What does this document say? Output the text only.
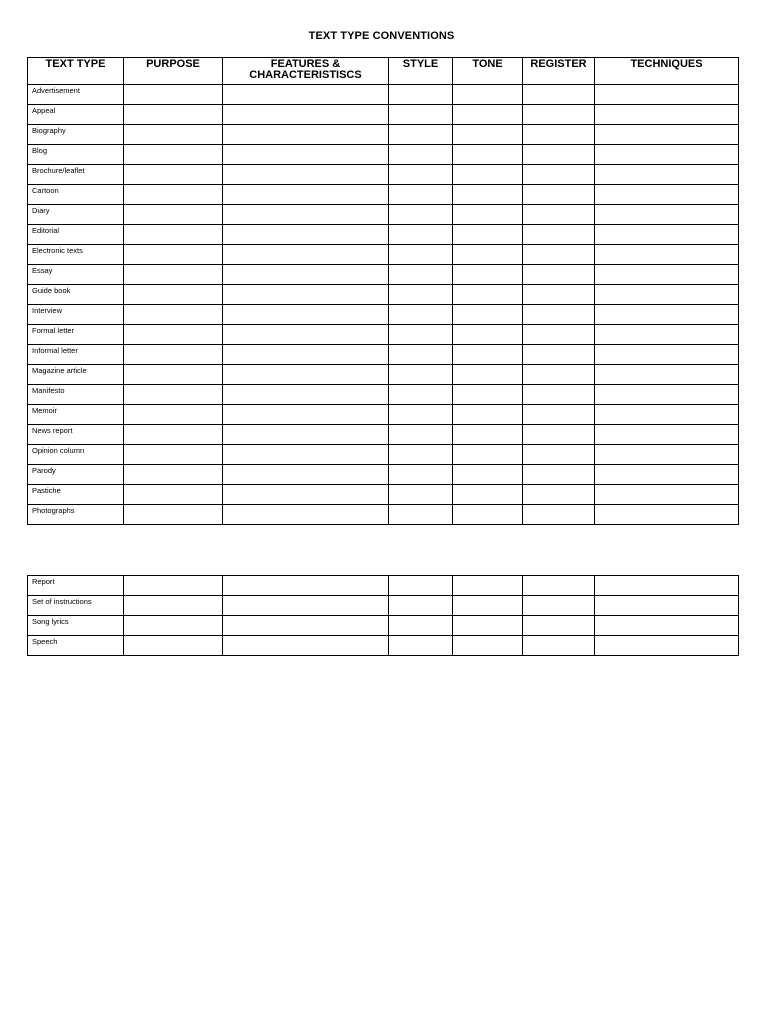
TEXT TYPE CONVENTIONS
TEXT TYPE	PURPOSE	FEATURES & CHARACTERISTISCS	STYLE	TONE	REGISTER	TECHNIQUES
Advertisement						
Appeal						
Biography						
Blog						
Brochure/leaflet						
Cartoon						
Diary						
Editorial						
Electronic texts						
Essay						
Guide book						
Interview						
Formal letter						
Informal letter						
Magazine article						
Manifesto						
Memoir						
News report						
Opinion column						
Parody						
Pastiche						
Photographs						
Report						
Set of instructions						
Song lyrics						
Speech						
